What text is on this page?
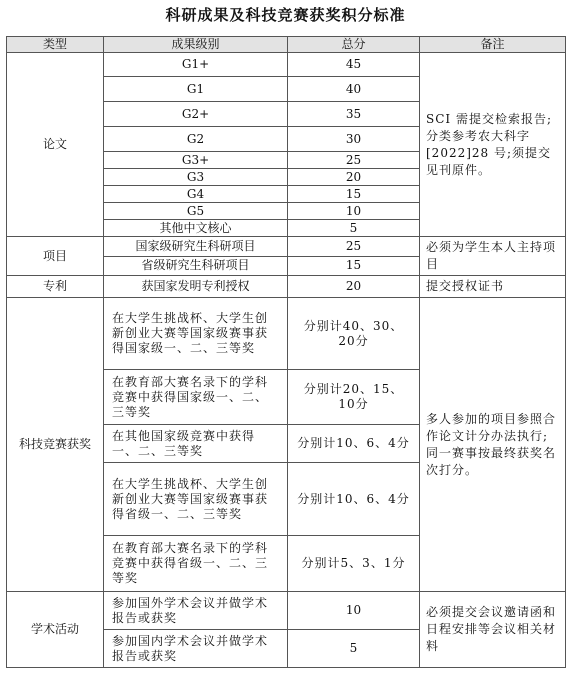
科研成果及科技竞赛获奖积分标准
类型	成果级别	总分	备注
论文	G1+	45	SCI 需提交检索报告;分类参考农大科字[2022]28 号;须提交见刊原件。
	G1	40	
	G2+	35	
	G2	30	
	G3+	25	
	G3	20	
	G4	15	
	G5	10	
	其他中文核心	5	
项目	国家级研究生科研项目	25	必须为学生本人主持项目
	省级研究生科研项目	15	
专利	获国家发明专利授权	20	提交授权证书
科技竞赛获奖	在大学生挑战杯、大学生创新创业大赛等国家级赛事获得国家级一、二、三等奖	分别计40、30、20分	多人参加的项目参照合作论文计分办法执行;同一赛事按最终获奖名次打分。
	在教育部大赛名录下的学科竞赛中获得国家级一、二、三等奖	分别计20、15、10分	
	在其他国家级竞赛中获得一、二、三等奖	分别计10、6、4分	
	在大学生挑战杯、大学生创新创业大赛等国家级赛事获得省级一、二、三等奖	分别计10、6、4分	
	在教育部大赛名录下的学科竞赛中获得省级一、二、三等奖	分别计5、3、1分	
学术活动	参加国外学术会议并做学术报告或获奖	10	必须提交会议邀请函和日程安排等会议相关材料
	参加国内学术会议并做学术报告或获奖	5	
